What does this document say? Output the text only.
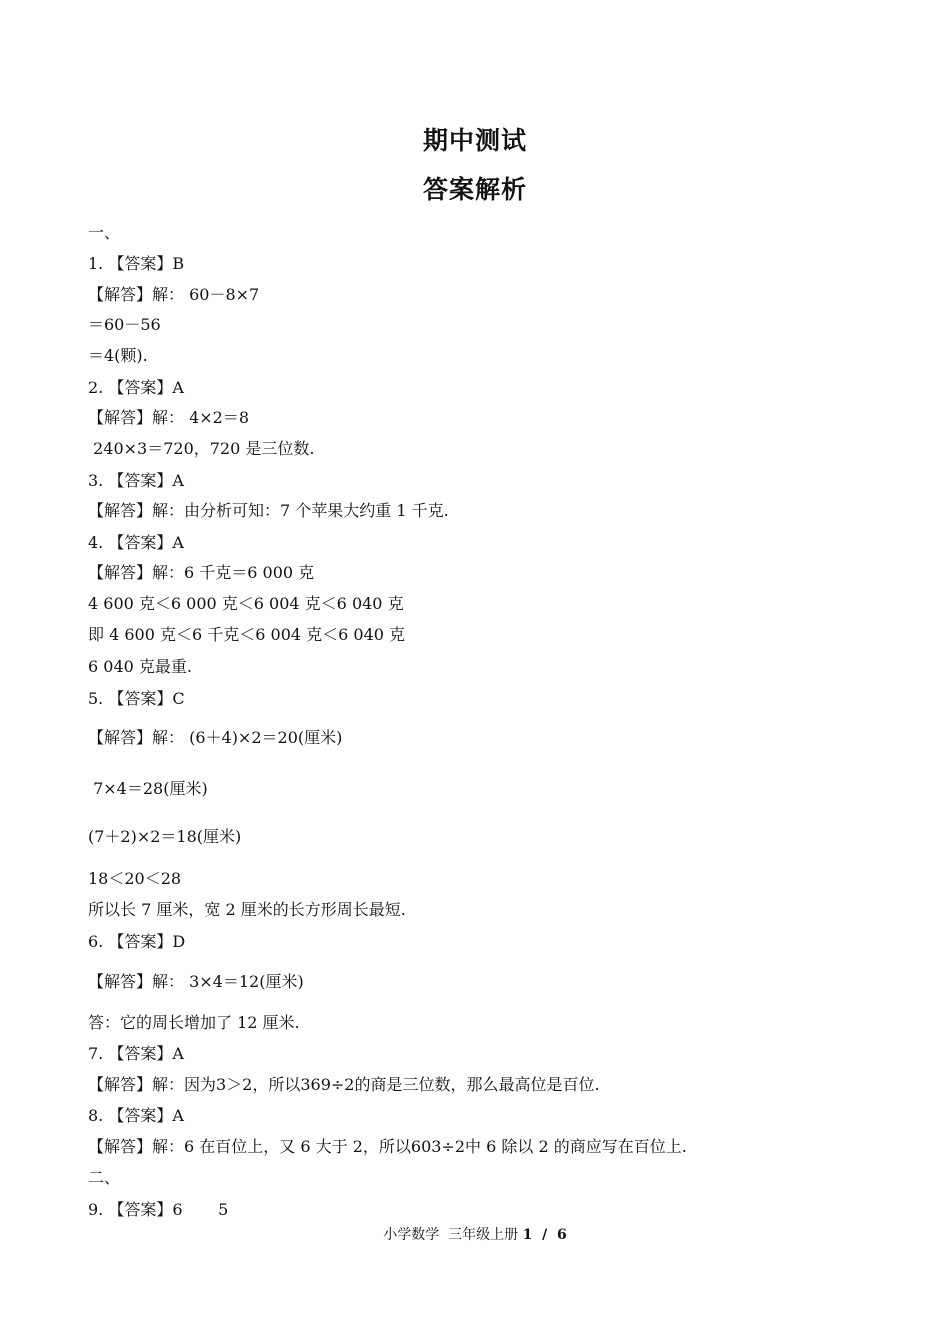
期中测试
答案解析
一、
1. 【答案】B
【解答】解： 60－8×7
＝60－56
＝4(颗).
2. 【答案】A
【解答】解： 4×2＝8
240×3＝720，720 是三位数.
3. 【答案】A
【解答】解：由分析可知：7 个苹果大约重 1 千克.
4. 【答案】A
【解答】解：6 千克＝6 000 克
4 600 克＜6 000 克＜6 004 克＜6 040 克
即 4 600 克＜6 千克＜6 004 克＜6 040 克
6 040 克最重.
5. 【答案】C
【解答】解： (6＋4)×2＝20(厘米)
7×4＝28(厘米)
(7＋2)×2＝18(厘米)
18＜20＜28
所以长 7 厘米，宽 2 厘米的长方形周长最短.
6. 【答案】D
【解答】解： 3×4＝12(厘米)
答：它的周长增加了 12 厘米.
7. 【答案】A
【解答】解：因为3＞2，所以369÷2的商是三位数，那么最高位是百位.
8. 【答案】A
【解答】解：6 在百位上，又 6 大于 2，所以603÷2中 6 除以 2 的商应写在百位上.
二、
9. 【答案】6       5
小学数学  三年级上册 1  /  6
